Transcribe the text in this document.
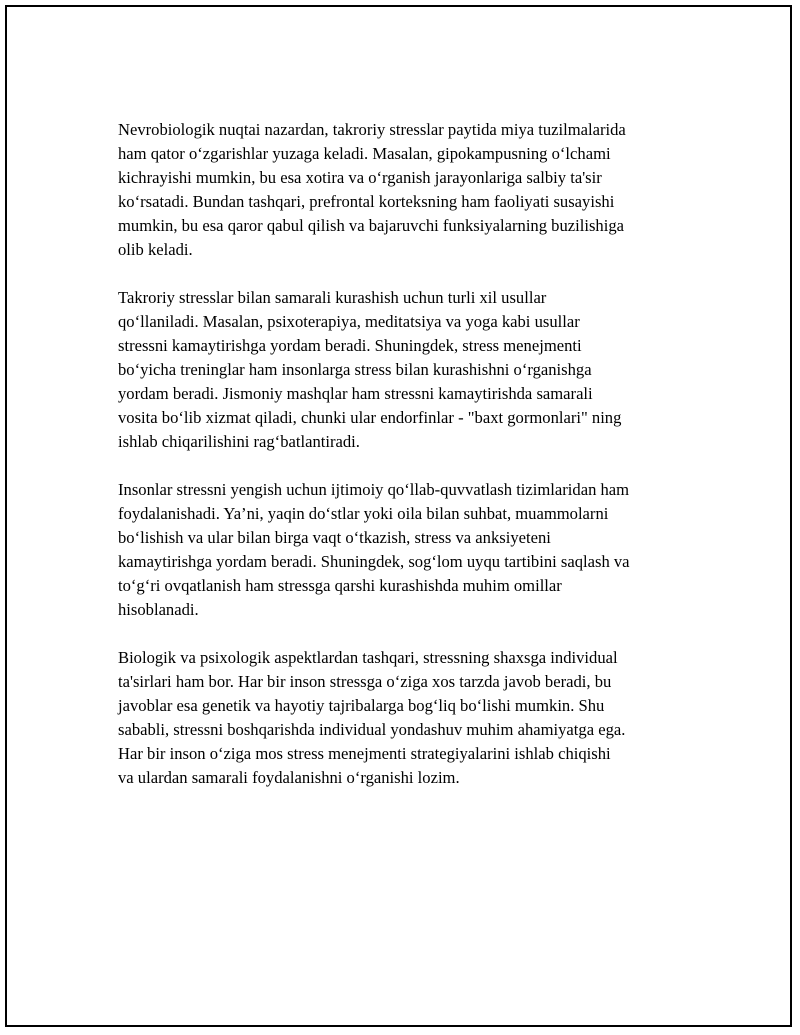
Nevrobiologik nuqtai nazardan, takroriy stresslar paytida miya tuzilmalarida
ham qator o‘zgarishlar yuzaga keladi. Masalan, gipokampusning o‘lchami
kichrayishi mumkin, bu esa xotira va o‘rganish jarayonlariga salbiy ta'sir
ko‘rsatadi. Bundan tashqari, prefrontal korteksning ham faoliyati susayishi
mumkin, bu esa qaror qabul qilish va bajaruvchi funksiyalarning buzilishiga
olib keladi.

Takroriy stresslar bilan samarali kurashish uchun turli xil usullar
qo‘llaniladi. Masalan, psixoterapiya, meditatsiya va yoga kabi usullar
stressni kamaytirishga yordam beradi. Shuningdek, stress menejmenti
bo‘yicha treninglar ham insonlarga stress bilan kurashishni o‘rganishga
yordam beradi. Jismoniy mashqlar ham stressni kamaytirishda samarali
vosita bo‘lib xizmat qiladi, chunki ular endorfinlar - "baxt gormonlari" ning
ishlab chiqarilishini rag‘batlantiradi.

Insonlar stressni yengish uchun ijtimoiy qo‘llab-quvvatlash tizimlaridan ham
foydalanishadi. Ya’ni, yaqin do‘stlar yoki oila bilan suhbat, muammolarni
bo‘lishish va ular bilan birga vaqt o‘tkazish, stress va anksiyeteni
kamaytirishga yordam beradi. Shuningdek, sog‘lom uyqu tartibini saqlash va
to‘g‘ri ovqatlanish ham stressga qarshi kurashishda muhim omillar
hisoblanadi.

Biologik va psixologik aspektlardan tashqari, stressning shaxsga individual
ta'sirlari ham bor. Har bir inson stressga o‘ziga xos tarzda javob beradi, bu
javoblar esa genetik va hayotiy tajribalarga bog‘liq bo‘lishi mumkin. Shu
sababli, stressni boshqarishda individual yondashuv muhim ahamiyatga ega.
Har bir inson o‘ziga mos stress menejmenti strategiyalarini ishlab chiqishi
va ulardan samarali foydalanishni o‘rganishi lozim.
